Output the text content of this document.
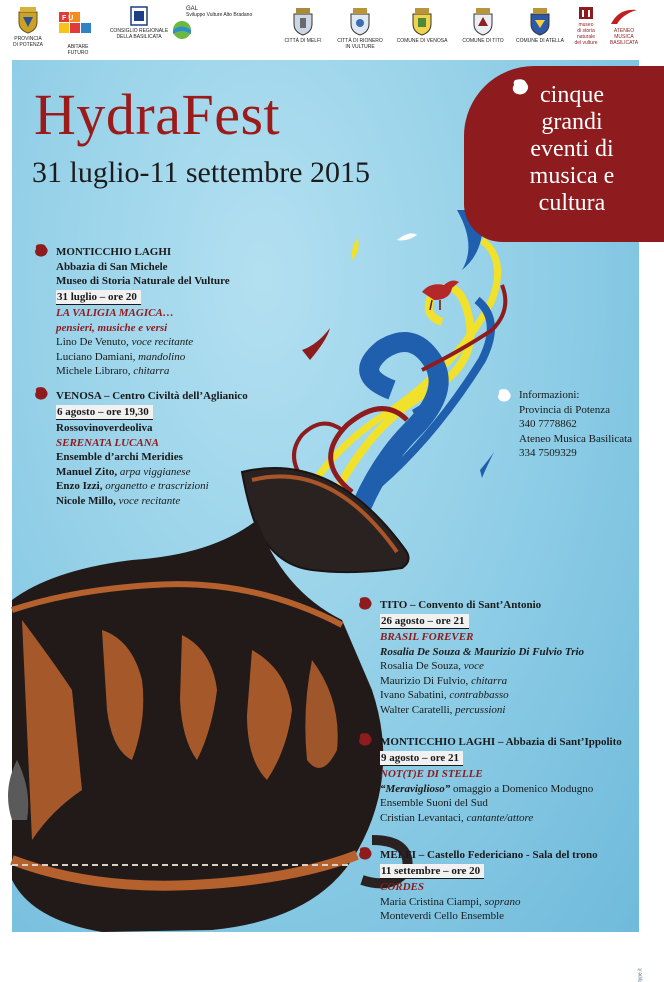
PROVINCIA
DI POTENZA
F U
ABITARE
FUTURO
CONSIGLIO REGIONALE
DELLA BASILICATA
GAL
Sviluppo Vulture Alto Bradano
CITTÀ DI MELFI	CITTÀ DI RIONERO
IN VULTURE
COMUNE DI VENOSA	COMUNE DI TITO	COMUNE DI ATELLA
museo
di storia
naturale
del vulture
ATENEO
MUSICA
BASILICATA
HydraFest
31 luglio-11 settembre 2015
cinque
grandi
eventi di
musica e
cultura
MONTICCHIO LAGHI
Abbazia di San Michele
Museo di Storia Naturale del Vulture
31 luglio – ore 20
LA VALIGIA MAGICA…
pensieri, musiche e versi
Lino De Venuto, voce recitante
Luciano Damiani, mandolino
Michele Libraro, chitarra
VENOSA – Centro Civiltà dell’Aglianico
6 agosto – ore 19,30
Rossovinoverdeoliva
SERENATA LUCANA
Ensemble d’archi Meridies
Manuel Zito, arpa viggianese
Enzo Izzi, organetto e trascrizioni
Nicole Millo, voce recitante
Informazioni:
Provincia di Potenza
340 7778862
Ateneo Musica Basilicata
334 7509329
TITO – Convento di Sant’Antonio
26 agosto – ore 21
BRASIL FOREVER
Rosalia De Souza & Maurizio Di Fulvio Trio
Rosalia De Souza, voce
Maurizio Di Fulvio, chitarra
Ivano Sabatini, contrabbasso
Walter Caratelli, percussioni
MONTICCHIO LAGHI – Abbazia di Sant’Ippolito
9 agosto – ore 21
NOT(T)E DI STELLE
“Meraviglioso” omaggio a Domenico Modugno
Ensemble Suoni del Sud
Cristian Levantaci, cantante/attore
MELFI – Castello Federiciano - Sala del trono
11 settembre – ore 20
CORDES
Maria Cristina Ciampi, soprano
Monteverdi Cello Ensemble
type.it
